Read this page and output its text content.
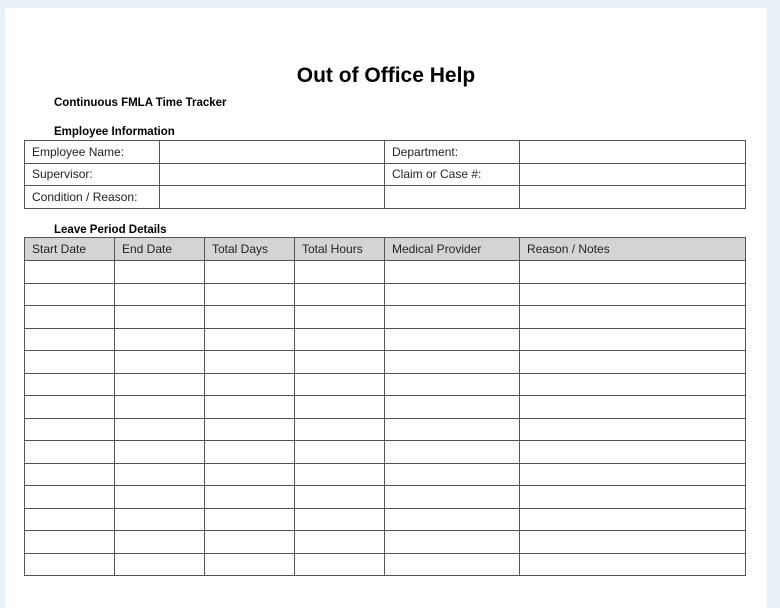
Out of Office Help
Continuous FMLA Time Tracker
Employee Information
Employee Name:		Department:	
Supervisor:		Claim or Case #:	
Condition / Reason:			
Leave Period Details
Start Date	End Date	Total Days	Total Hours	Medical Provider	Reason / Notes
